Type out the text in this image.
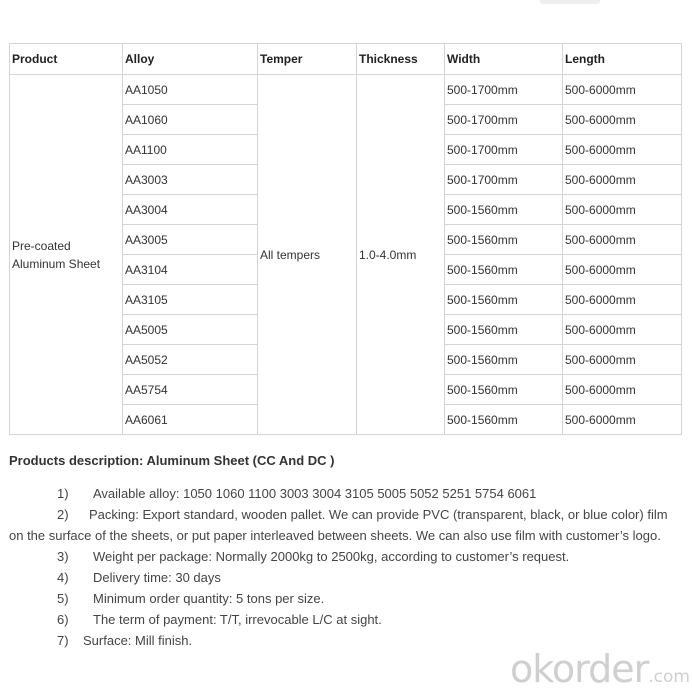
Product	Alloy	Temper	Thickness	Width	Length
Pre-coated Aluminum Sheet	AA1050	All tempers	1.0-4.0mm	500-1700mm	500-6000mm
	AA1060			500-1700mm	500-6000mm
	AA1100			500-1700mm	500-6000mm
	AA3003			500-1700mm	500-6000mm
	AA3004			500-1560mm	500-6000mm
	AA3005			500-1560mm	500-6000mm
	AA3104			500-1560mm	500-6000mm
	AA3105			500-1560mm	500-6000mm
	AA5005			500-1560mm	500-6000mm
	AA5052			500-1560mm	500-6000mm
	AA5754			500-1560mm	500-6000mm
	AA6061			500-1560mm	500-6000mm
Products description: Aluminum Sheet (CC And DC )
1) Available alloy: 1050 1060 1100 3003 3004 3105 5005 5052 5251 5754 6061
2) Packing: Export standard, wooden pallet. We can provide PVC (transparent, black, or blue color) film on the surface of the sheets, or put paper interleaved between sheets. We can also use film with customer’s logo.
3) Weight per package: Normally 2000kg to 2500kg, according to customer’s request.
4) Delivery time: 30 days
5) Minimum order quantity: 5 tons per size.
6) The term of payment: T/T, irrevocable L/C at sight.
7) Surface: Mill finish.
okorder.com
